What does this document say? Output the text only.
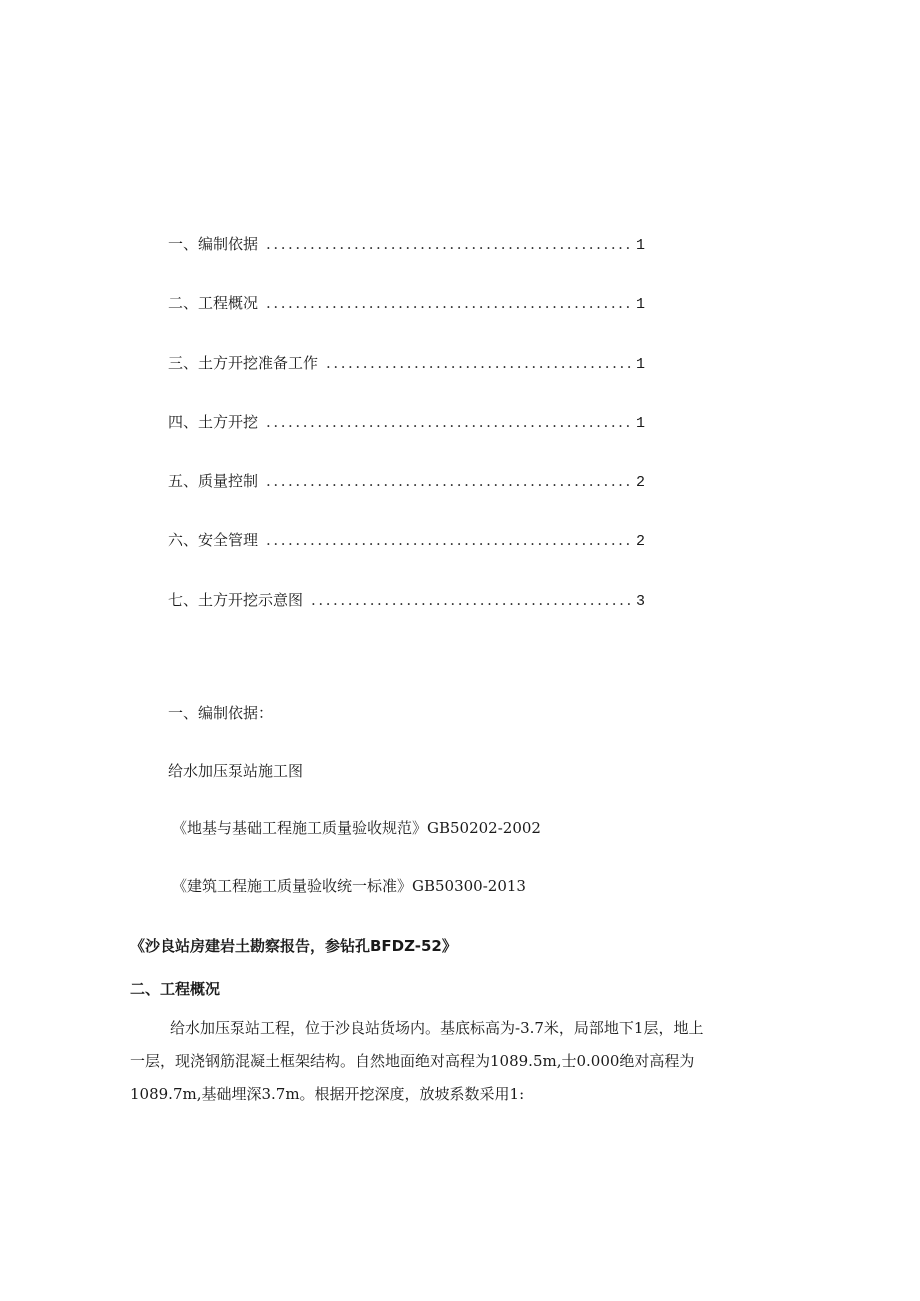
一、编制依据 . . .	1
二、工程概况 . . .	1
三、土方开挖准备工作 . . .	1
四、土方开挖 . . .	1
五、质量控制 . . .	2
六、安全管理 . . .	2
七、土方开挖示意图 . . .	3
一、编制依据：
给水加压泵站施工图
《地基与基础工程施工质量验收规范》GB50202-2002
《建筑工程施工质量验收统一标准》GB50300-2013
《沙良站房建岩土勘察报告，参钻孔BFDZ-52》
二、工程概况
给水加压泵站工程，位于沙良站货场内。基底标高为-3.7米，局部地下1层，地上
一层，现浇钢筋混凝土框架结构。自然地面绝对高程为1089.5m,士0.000绝对高程为
1089.7m,基础埋深3.7m。根据开挖深度，放坡系数采用1:
